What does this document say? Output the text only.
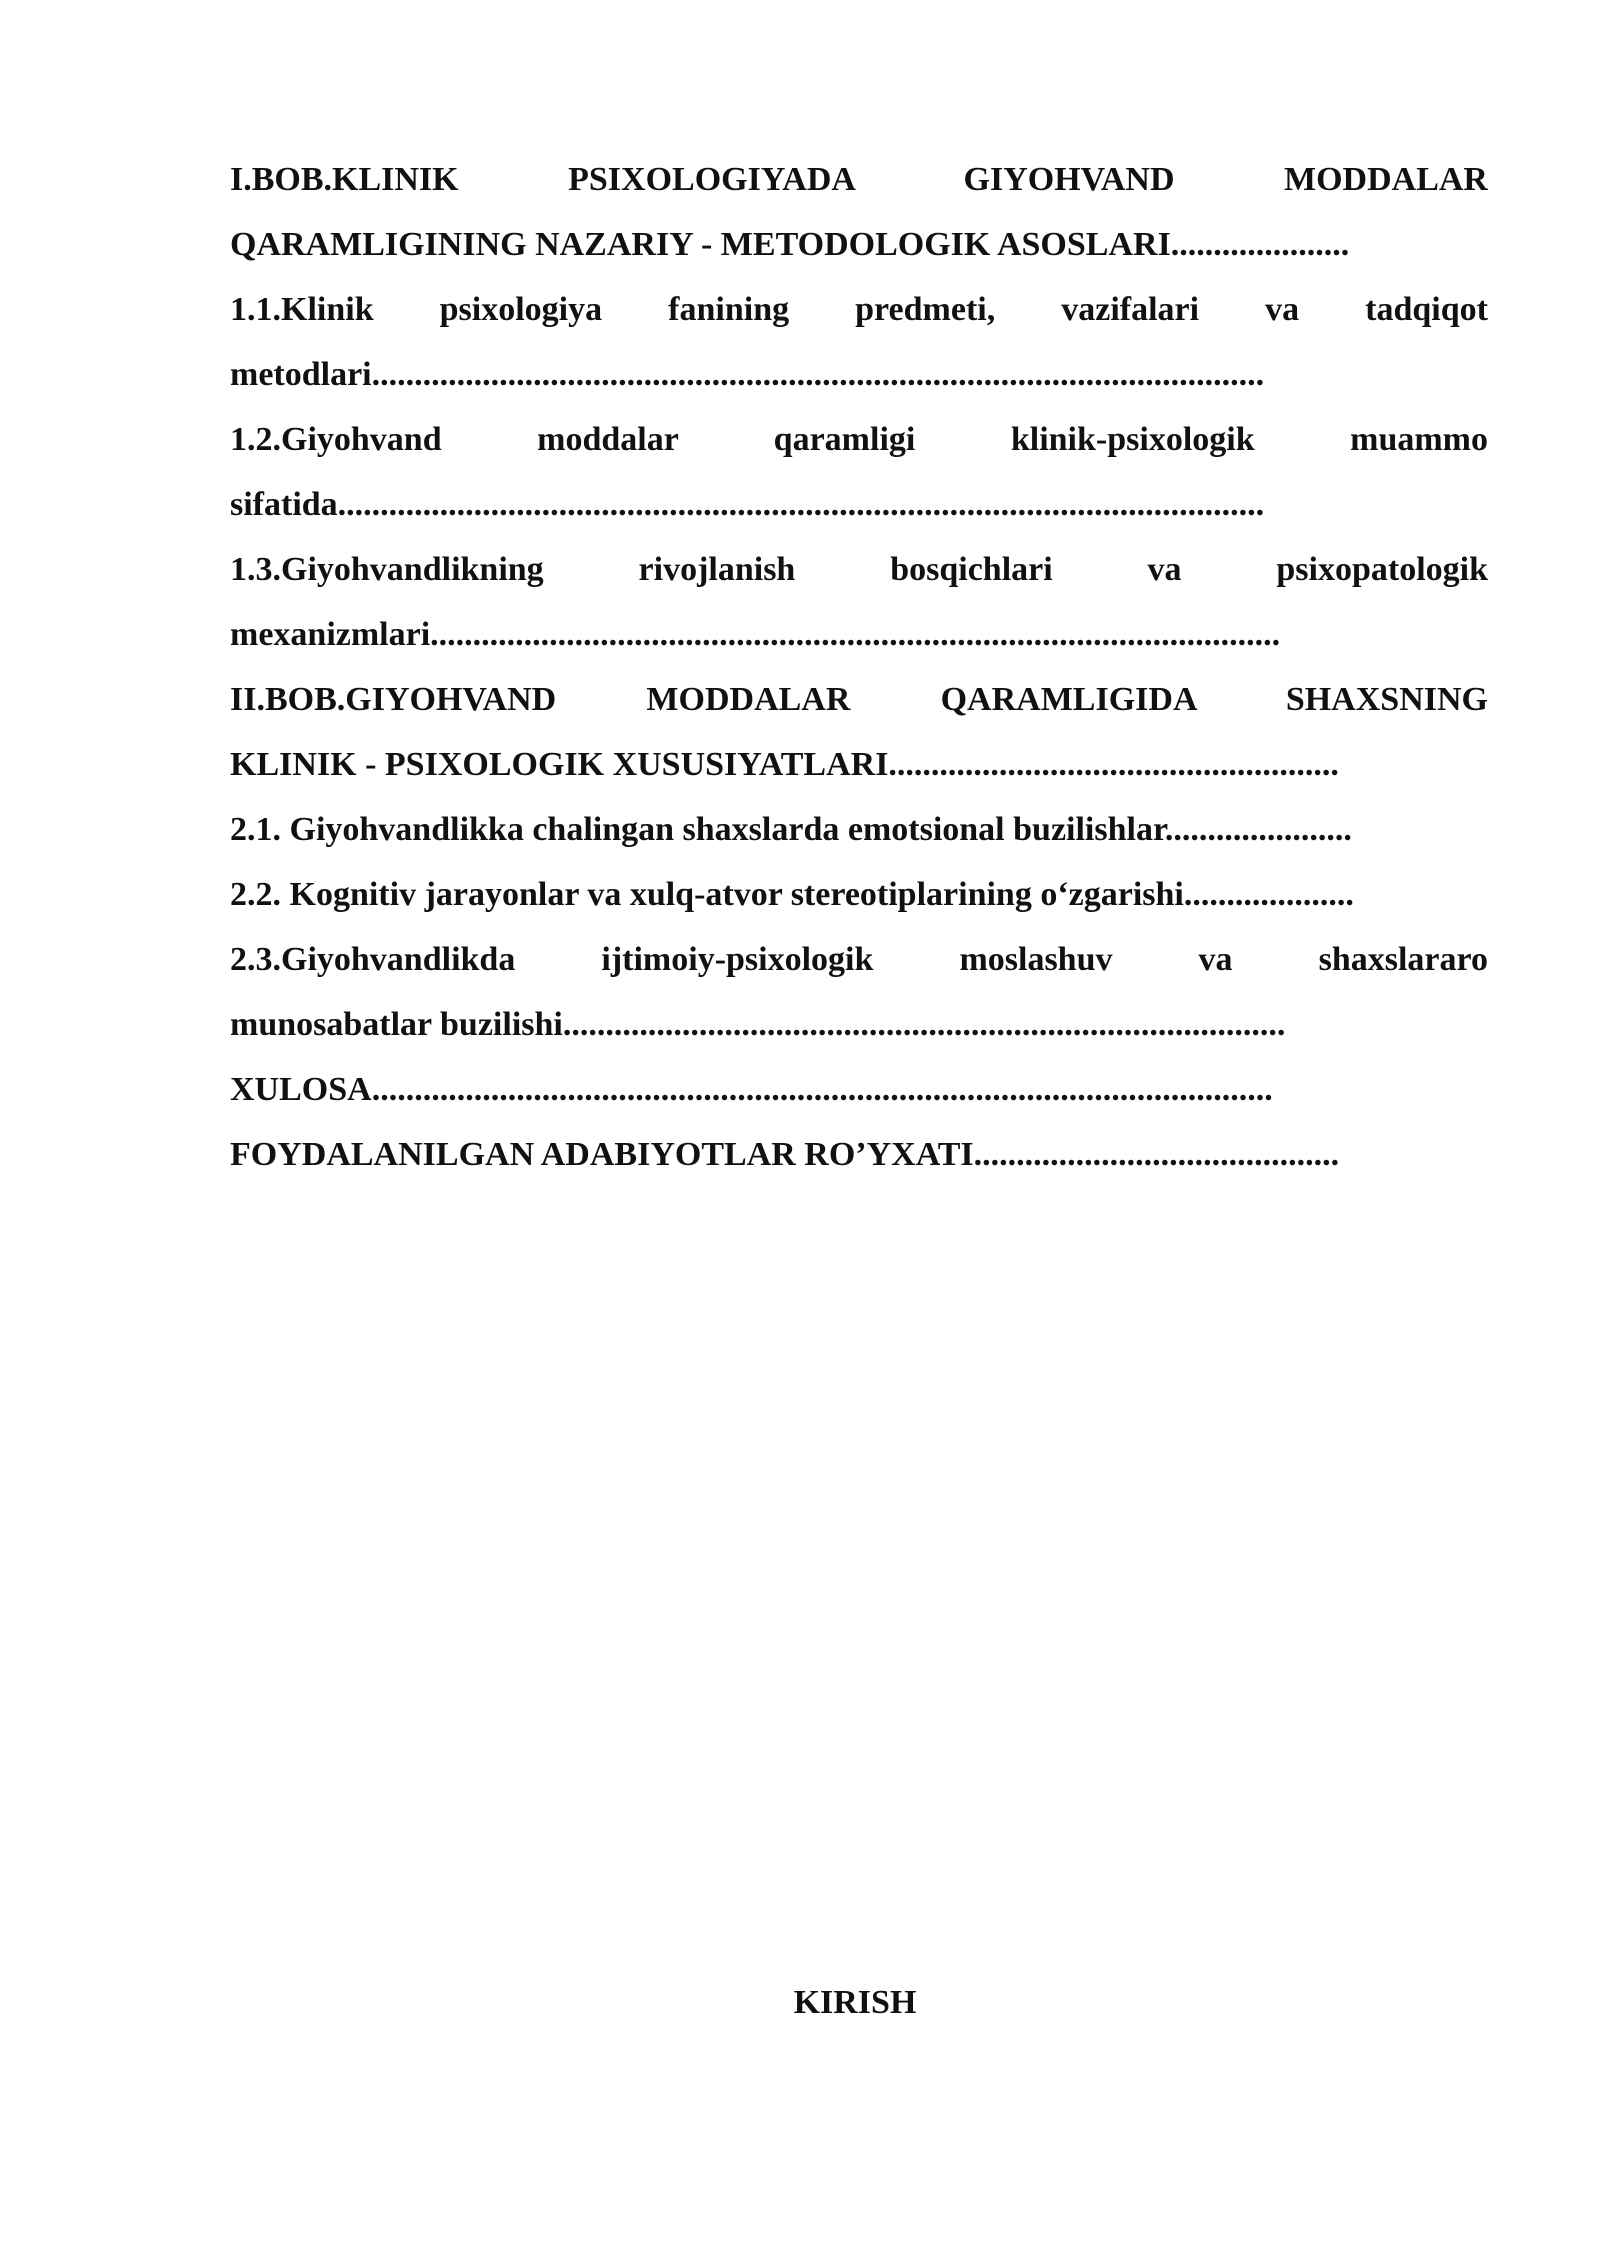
I.BOB.KLINIK PSIXOLOGIYADA GIYOHVAND MODDALAR
QARAMLIGINING NAZARIY - METODOLOGIK ASOSLARI.....................
1.1.Klinik psixologiya fanining predmeti, vazifalari va tadqiqot
metodlari.........................................................................................................
1.2.Giyohvand moddalar qaramligi klinik-psixologik muammo
sifatida.............................................................................................................
1.3.Giyohvandlikning rivojlanish bosqichlari va psixopatologik
mexanizmlari....................................................................................................
II.BOB.GIYOHVAND MODDALAR QARAMLIGIDA SHAXSNING
KLINIK - PSIXOLOGIK XUSUSIYATLARI.....................................................
2.1. Giyohvandlikka chalingan shaxslarda emotsional buzilishlar......................
2.2. Kognitiv jarayonlar va xulq-atvor stereotiplarining o‘zgarishi....................
2.3.Giyohvandlikda ijtimoiy-psixologik moslashuv va shaxslararo
munosabatlar buzilishi.....................................................................................
XULOSA..........................................................................................................
FOYDALANILGAN ADABIYOTLAR RO’YXATI...........................................
KIRISH
